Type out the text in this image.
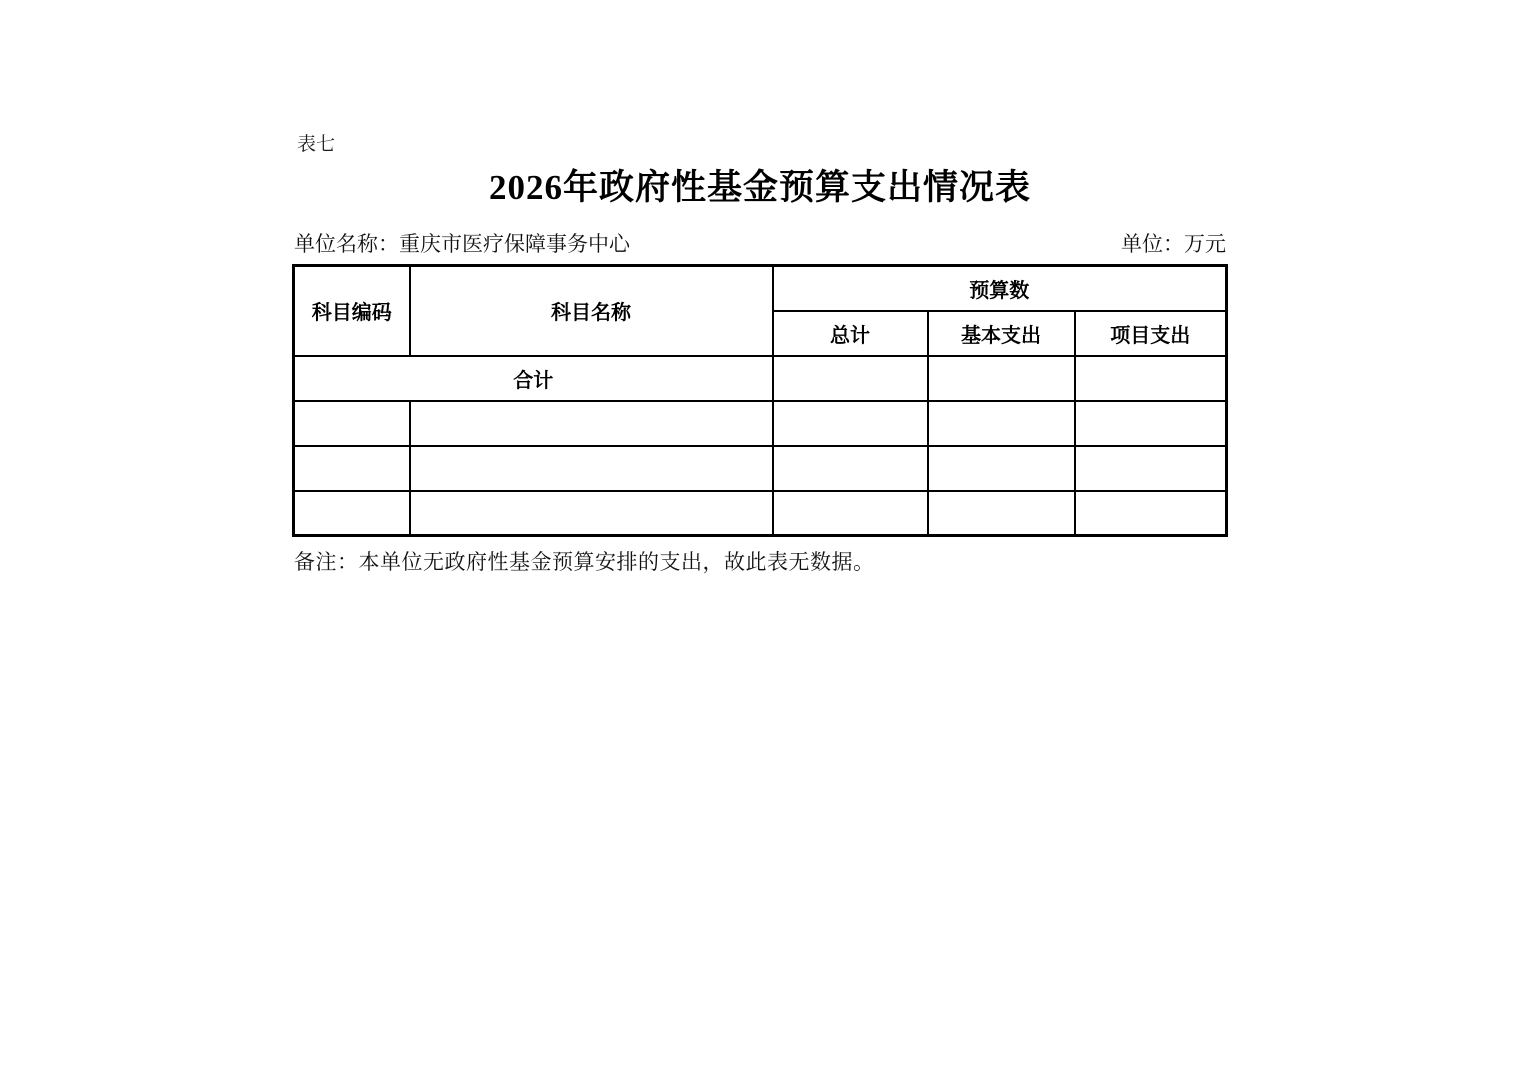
表七
2026年政府性基金预算支出情况表
单位名称：重庆市医疗保障事务中心	单位：万元
科目编码	科目名称	预算数		
		总计	基本支出	项目支出
合计				

备注：本单位无政府性基金预算安排的支出，故此表无数据。
